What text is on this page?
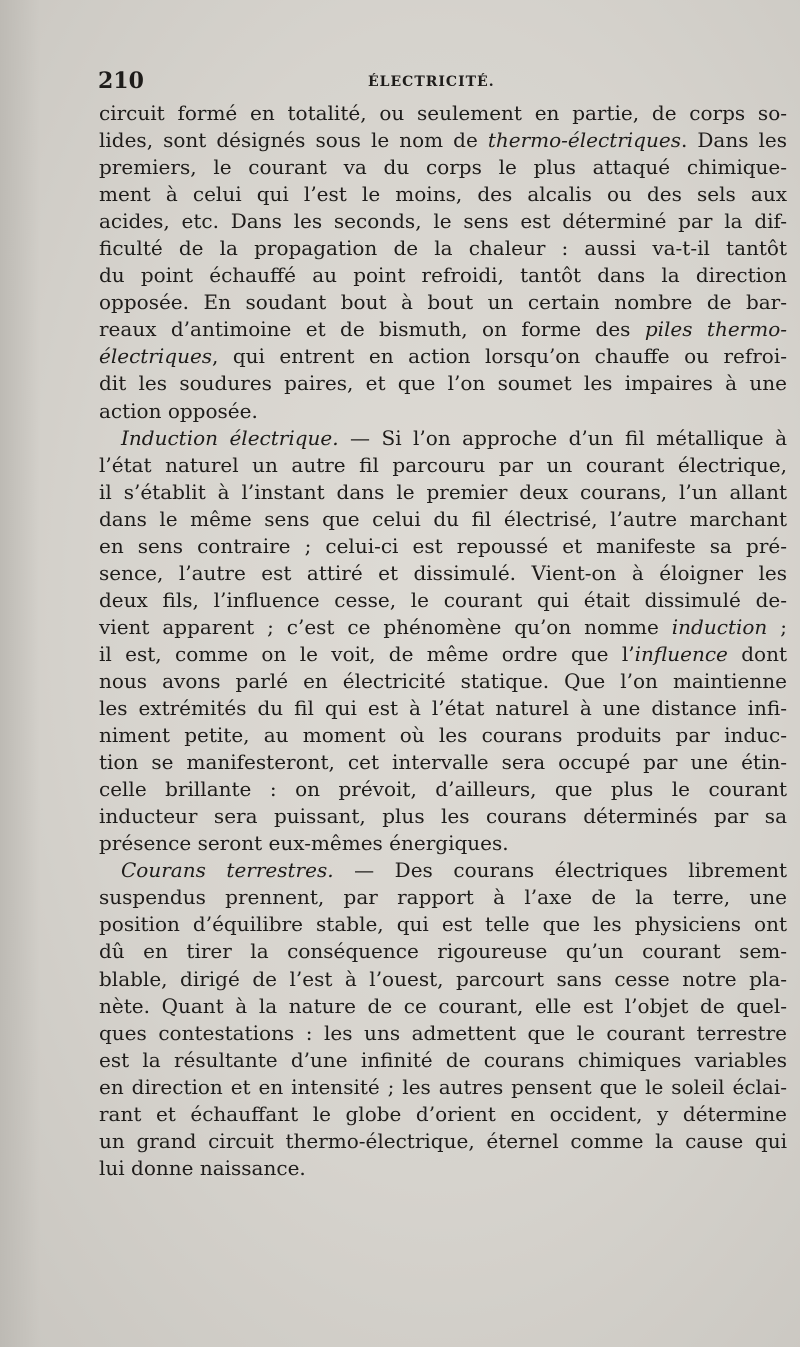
210	ÉLECTRICITÉ.
circuit formé en totalité, ou seulement en partie, de corps so-
lides, sont désignés sous le nom de thermo-électriques. Dans les
premiers, le courant va du corps le plus attaqué chimique-
ment à celui qui l’est le moins, des alcalis ou des sels aux
acides, etc. Dans les seconds, le sens est déterminé par la dif-
ficulté de la propagation de la chaleur : aussi va-t-il tantôt
du point échauffé au point refroidi, tantôt dans la direction
opposée. En soudant bout à bout un certain nombre de bar-
reaux d’antimoine et de bismuth, on forme des piles thermo-
électriques, qui entrent en action lorsqu’on chauffe ou refroi-
dit les soudures paires, et que l’on soumet les impaires à une
action opposée.
Induction électrique. — Si l’on approche d’un fil métallique à
l’état naturel un autre fil parcouru par un courant électrique,
il s’établit à l’instant dans le premier deux courans, l’un allant
dans le même sens que celui du fil électrisé, l’autre marchant
en sens contraire ; celui-ci est repoussé et manifeste sa pré-
sence, l’autre est attiré et dissimulé. Vient-on à éloigner les
deux fils, l’influence cesse, le courant qui était dissimulé de-
vient apparent ; c’est ce phénomène qu’on nomme induction ;
il est, comme on le voit, de même ordre que l’influence dont
nous avons parlé en électricité statique. Que l’on maintienne
les extrémités du fil qui est à l’état naturel à une distance infi-
niment petite, au moment où les courans produits par induc-
tion se manifesteront, cet intervalle sera occupé par une étin-
celle brillante : on prévoit, d’ailleurs, que plus le courant
inducteur sera puissant, plus les courans déterminés par sa
présence seront eux-mêmes énergiques.
Courans terrestres. — Des courans électriques librement
suspendus prennent, par rapport à l’axe de la terre, une
position d’équilibre stable, qui est telle que les physiciens ont
dû en tirer la conséquence rigoureuse qu’un courant sem-
blable, dirigé de l’est à l’ouest, parcourt sans cesse notre pla-
nète. Quant à la nature de ce courant, elle est l’objet de quel-
ques contestations : les uns admettent que le courant terrestre
est la résultante d’une infinité de courans chimiques variables
en direction et en intensité ; les autres pensent que le soleil éclai-
rant et échauffant le globe d’orient en occident, y détermine
un grand circuit thermo-électrique, éternel comme la cause qui
lui donne naissance.
